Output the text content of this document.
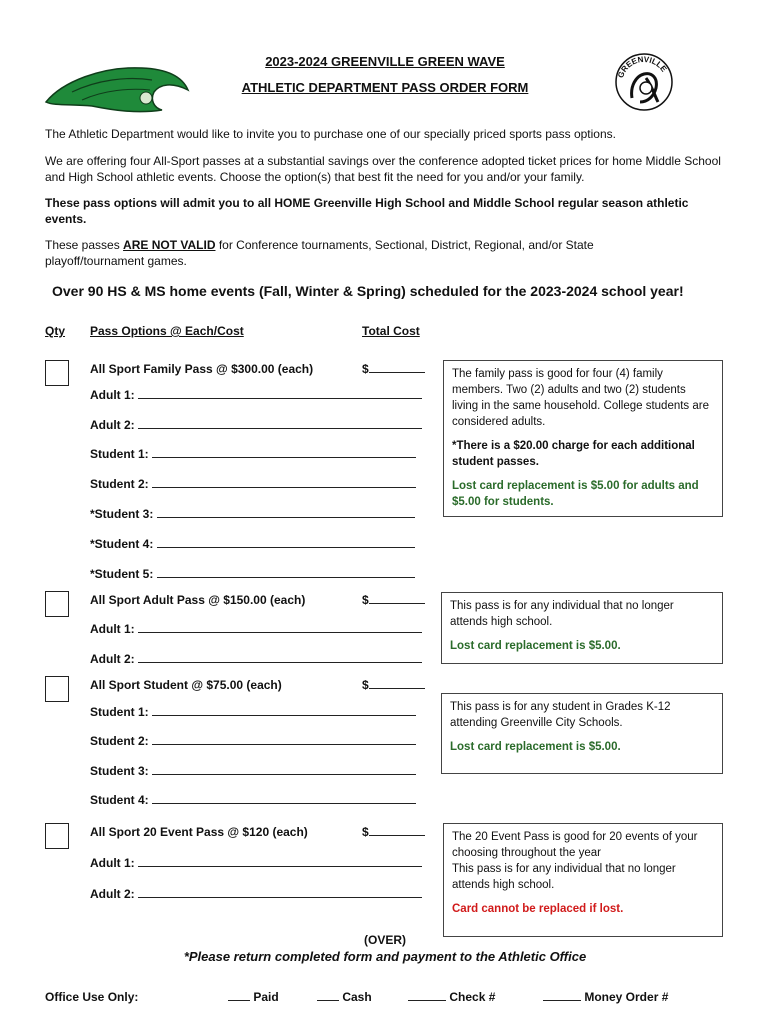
GREENVILLE
2023-2024 GREENVILLE GREEN WAVE
ATHLETIC DEPARTMENT PASS ORDER FORM
The Athletic Department would like to invite you to purchase one of our specially priced sports pass options.
We are offering four All-Sport passes at a substantial savings over the conference adopted ticket prices for home Middle School and High School athletic events. Choose the option(s) that best fit the need for you and/or your family.
These pass options will admit you to all HOME Greenville High School and Middle School regular season athletic events.
These passes ARE NOT VALID for Conference tournaments, Sectional, District, Regional, and/or State playoff/tournament games.
Over 90 HS & MS home events (Fall, Winter & Spring) scheduled for the 2023-2024 school year!
Qty Pass Options @ Each/Cost	Total Cost
All Sport Family Pass @ $300.00 (each)	$
Adult 1:
Adult 2:
Student 1:
Student 2:
*Student 3:
*Student 4:
*Student 5:
The family pass is good for four (4) family members. Two (2) adults and two (2) students living in the same household. College students are considered adults.
*There is a $20.00 charge for each additional student passes.
Lost card replacement is $5.00 for adults and $5.00 for students.
All Sport Adult Pass @ $150.00 (each)	$
Adult 1:
Adult 2:
This pass is for any individual that no longer attends high school.
Lost card replacement is $5.00.
All Sport Student @ $75.00 (each)	$
Student 1:
Student 2:
Student 3:
Student 4:
This pass is for any student in Grades K-12 attending Greenville City Schools.
Lost card replacement is $5.00.
All Sport 20 Event Pass @ $120 (each)	$
Adult 1:
Adult 2:
The 20 Event Pass is good for 20 events of your choosing throughout the year
This pass is for any individual that no longer attends high school.
Card cannot be replaced if lost.
(OVER)
*Please return completed form and payment to the Athletic Office
Office Use Only:	Paid	Cash	Check #	Money Order #
